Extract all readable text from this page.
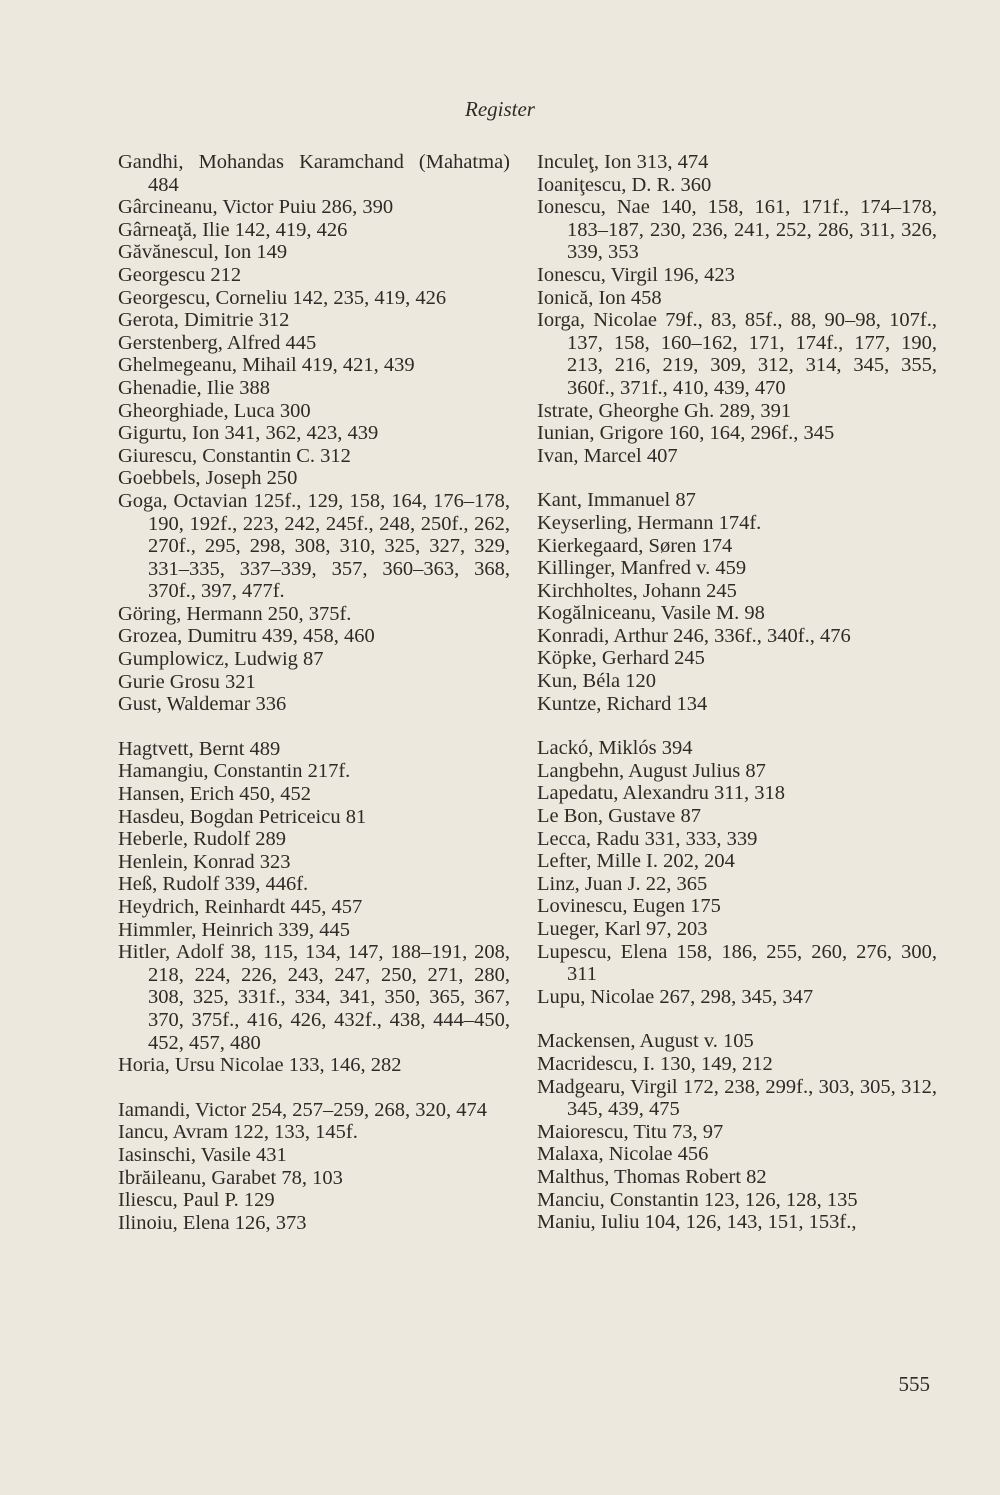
Register

Gandhi, Mohandas Karamchand (Mahatma) 484

Gârcineanu, Victor Puiu 286, 390

Gârneaţă, Ilie 142, 419, 426

Găvănescul, Ion 149

Georgescu 212

Georgescu, Corneliu 142, 235, 419, 426

Gerota, Dimitrie 312

Gerstenberg, Alfred 445

Ghelmegeanu, Mihail 419, 421, 439

Ghenadie, Ilie 388

Gheorghiade, Luca 300

Gigurtu, Ion 341, 362, 423, 439

Giurescu, Constantin C. 312

Goebbels, Joseph 250

Goga, Octavian 125f., 129, 158, 164, 176–178, 190, 192f., 223, 242, 245f., 248, 250f., 262, 270f., 295, 298, 308, 310, 325, 327, 329, 331–335, 337–339, 357, 360–363, 368, 370f., 397, 477f.

Göring, Hermann 250, 375f.

Grozea, Dumitru 439, 458, 460

Gumplowicz, Ludwig 87

Gurie Grosu 321

Gust, Waldemar 336

Hagtvett, Bernt 489

Hamangiu, Constantin 217f.

Hansen, Erich 450, 452

Hasdeu, Bogdan Petriceicu 81

Heberle, Rudolf 289

Henlein, Konrad 323

Heß, Rudolf 339, 446f.

Heydrich, Reinhardt 445, 457

Himmler, Heinrich 339, 445

Hitler, Adolf 38, 115, 134, 147, 188–191, 208, 218, 224, 226, 243, 247, 250, 271, 280, 308, 325, 331f., 334, 341, 350, 365, 367, 370, 375f., 416, 426, 432f., 438, 444–450, 452, 457, 480

Horia, Ursu Nicolae 133, 146, 282

Iamandi, Victor 254, 257–259, 268, 320, 474

Iancu, Avram 122, 133, 145f.

Iasinschi, Vasile 431

Ibrăileanu, Garabet 78, 103

Iliescu, Paul P. 129

Ilinoiu, Elena 126, 373

Inculeţ, Ion 313, 474

Ioaniţescu, D. R. 360

Ionescu, Nae 140, 158, 161, 171f., 174–178, 183–187, 230, 236, 241, 252, 286, 311, 326, 339, 353

Ionescu, Virgil 196, 423

Ionică, Ion 458

Iorga, Nicolae 79f., 83, 85f., 88, 90–98, 107f., 137, 158, 160–162, 171, 174f., 177, 190, 213, 216, 219, 309, 312, 314, 345, 355, 360f., 371f., 410, 439, 470

Istrate, Gheorghe Gh. 289, 391

Iunian, Grigore 160, 164, 296f., 345

Ivan, Marcel 407

Kant, Immanuel 87

Keyserling, Hermann 174f.

Kierkegaard, Søren 174

Killinger, Manfred v. 459

Kirchholtes, Johann 245

Kogălniceanu, Vasile M. 98

Konradi, Arthur 246, 336f., 340f., 476

Köpke, Gerhard 245

Kun, Béla 120

Kuntze, Richard 134

Lackó, Miklós 394

Langbehn, August Julius 87

Lapedatu, Alexandru 311, 318

Le Bon, Gustave 87

Lecca, Radu 331, 333, 339

Lefter, Mille I. 202, 204

Linz, Juan J. 22, 365

Lovinescu, Eugen 175

Lueger, Karl 97, 203

Lupescu, Elena 158, 186, 255, 260, 276, 300, 311

Lupu, Nicolae 267, 298, 345, 347

Mackensen, August v. 105

Macridescu, I. 130, 149, 212

Madgearu, Virgil 172, 238, 299f., 303, 305, 312, 345, 439, 475

Maiorescu, Titu 73, 97

Malaxa, Nicolae 456

Malthus, Thomas Robert 82

Manciu, Constantin 123, 126, 128, 135

Maniu, Iuliu 104, 126, 143, 151, 153f.,

555
